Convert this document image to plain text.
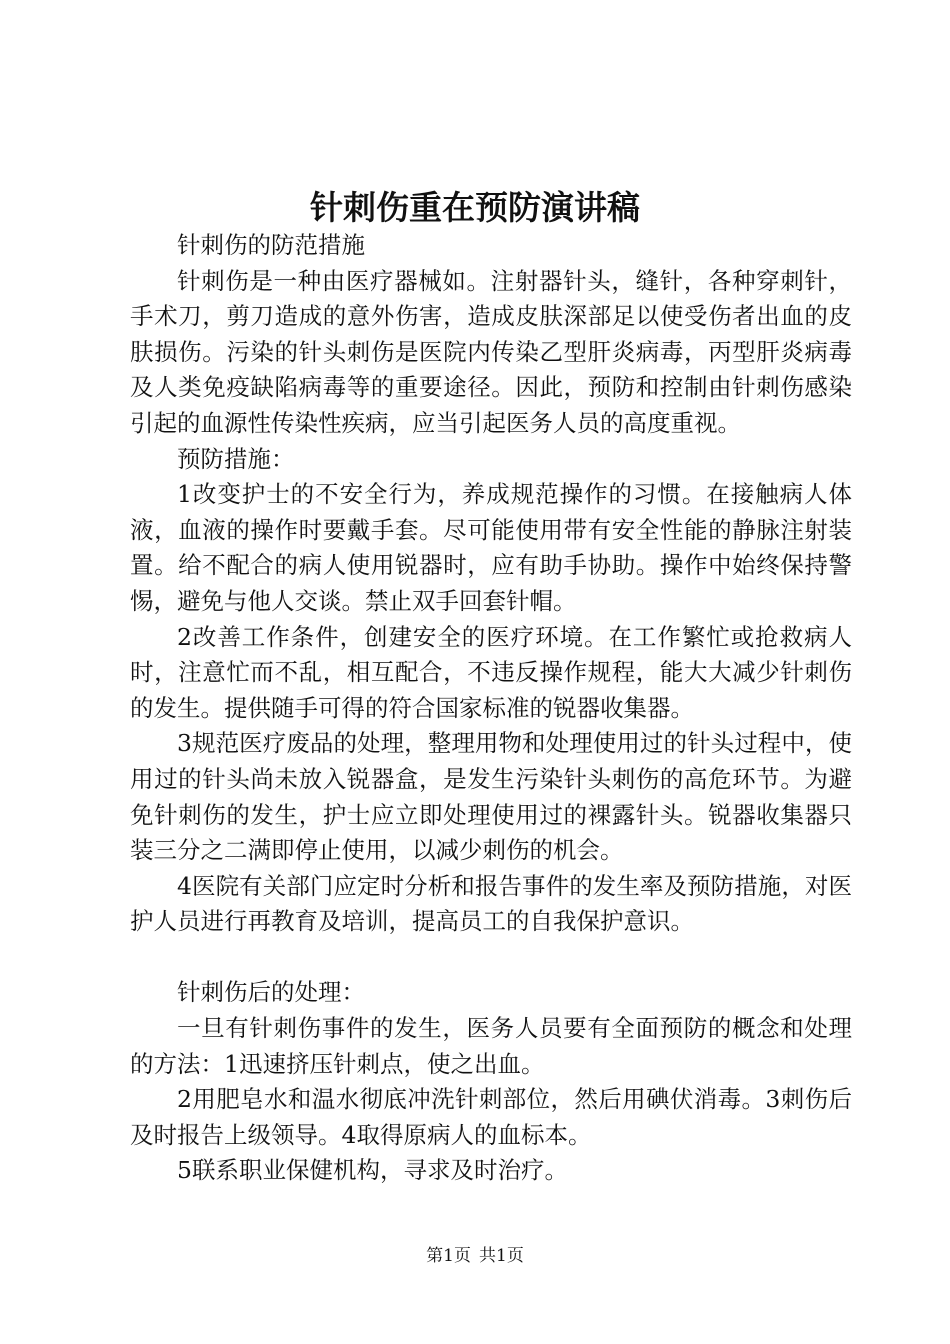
针刺伤重在预防演讲稿

针刺伤的防范措施

针刺伤是一种由医疗器械如。注射器针头，缝针，各种穿刺针，手术刀，剪刀造成的意外伤害，造成皮肤深部足以使受伤者出血的皮肤损伤。污染的针头刺伤是医院内传染乙型肝炎病毒，丙型肝炎病毒及人类免疫缺陷病毒等的重要途径。因此，预防和控制由针刺伤感染引起的血源性传染性疾病，应当引起医务人员的高度重视。

预防措施：

1改变护士的不安全行为，养成规范操作的习惯。在接触病人体液，血液的操作时要戴手套。尽可能使用带有安全性能的静脉注射装置。给不配合的病人使用锐器时，应有助手协助。操作中始终保持警惕，避免与他人交谈。禁止双手回套针帽。

2改善工作条件，创建安全的医疗环境。在工作繁忙或抢救病人时，注意忙而不乱，相互配合，不违反操作规程，能大大减少针刺伤的发生。提供随手可得的符合国家标准的锐器收集器。

3规范医疗废品的处理，整理用物和处理使用过的针头过程中，使用过的针头尚未放入锐器盒，是发生污染针头刺伤的高危环节。为避免针刺伤的发生，护士应立即处理使用过的裸露针头。锐器收集器只装三分之二满即停止使用，以减少刺伤的机会。

4医院有关部门应定时分析和报告事件的发生率及预防措施，对医护人员进行再教育及培训，提高员工的自我保护意识。

针刺伤后的处理：

一旦有针刺伤事件的发生，医务人员要有全面预防的概念和处理的方法：1迅速挤压针刺点，使之出血。

2用肥皂水和温水彻底冲洗针刺部位，然后用碘伏消毒。3刺伤后及时报告上级领导。4取得原病人的血标本。

5联系职业保健机构，寻求及时治疗。

第1页 共1页
